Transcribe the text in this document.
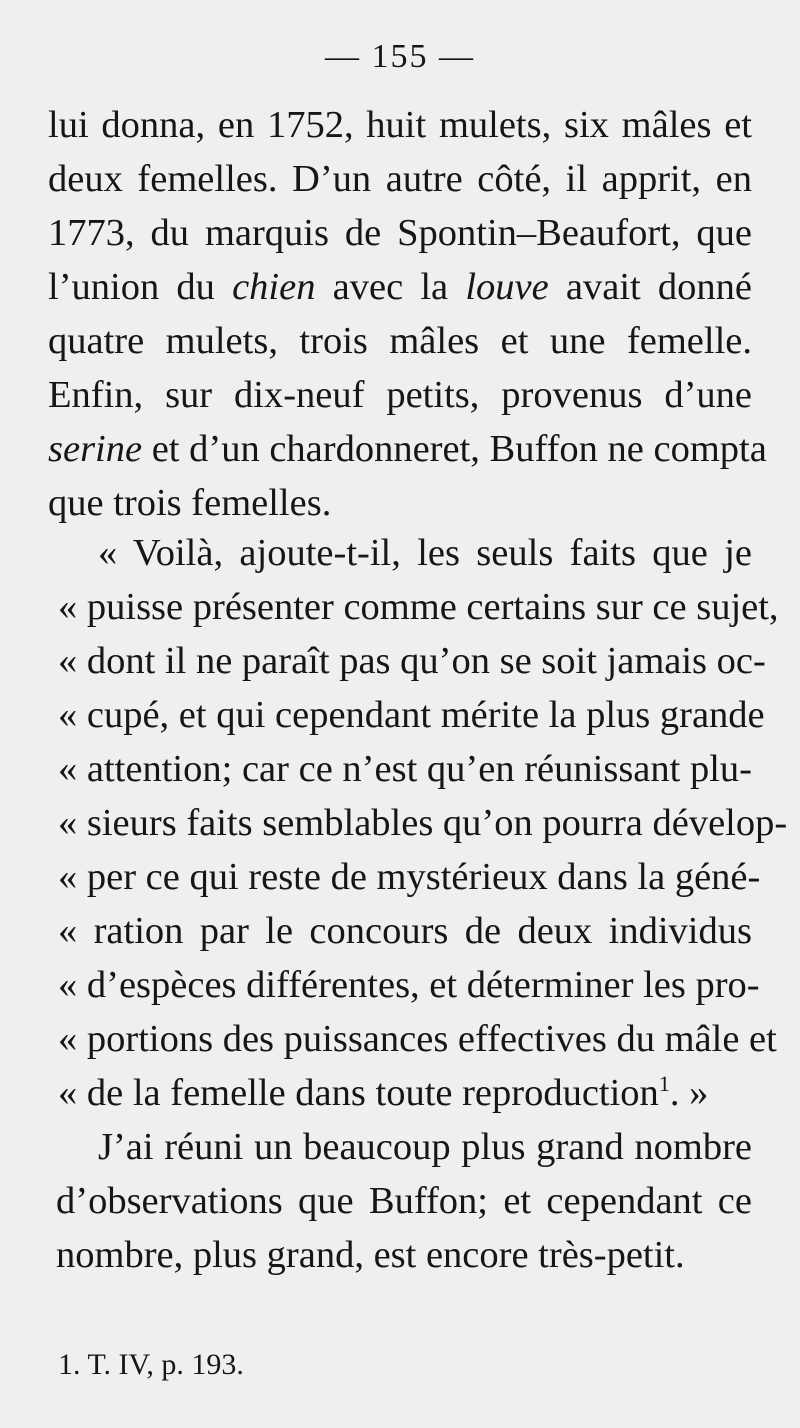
— 155 —
lui donna, en 1752, huit mulets, six mâles et
deux femelles. D’un autre côté, il apprit, en
1773, du marquis de Spontin–Beaufort, que
l’union du chien avec la louve avait donné
quatre mulets, trois mâles et une femelle.
Enfin, sur dix-neuf petits, provenus d’une
serine et d’un chardonneret, Buffon ne compta
que trois femelles.
« Voilà, ajoute-t-il, les seuls faits que je
« puisse présenter comme certains sur ce sujet,
« dont il ne paraît pas qu’on se soit jamais oc-
« cupé, et qui cependant mérite la plus grande
« attention; car ce n’est qu’en réunissant plu-
« sieurs faits semblables qu’on pourra dévelop-
« per ce qui reste de mystérieux dans la géné-
« ration par le concours de deux individus
« d’espèces différentes, et déterminer les pro-
« portions des puissances effectives du mâle et
« de la femelle dans toute reproduction$^1$. »
J’ai réuni un beaucoup plus grand nombre
d’observations que Buffon; et cependant ce
nombre, plus grand, est encore très-petit.
1. T. IV, p. 193.
